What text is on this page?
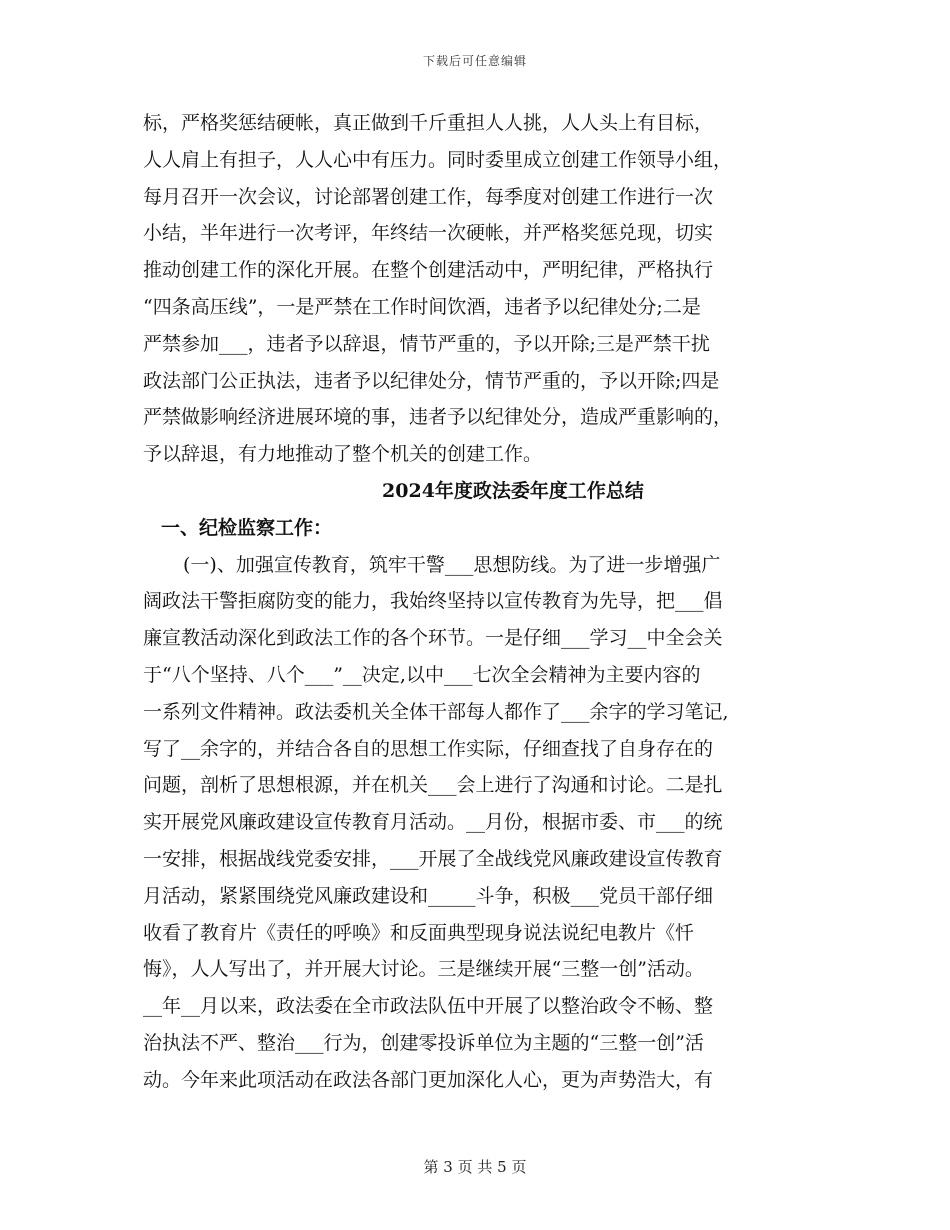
下载后可任意编辑
标，严格奖惩结硬帐，真正做到千斤重担人人挑，人人头上有目标，
人人肩上有担子，人人心中有压力。同时委里成立创建工作领导小组，
每月召开一次会议，讨论部署创建工作，每季度对创建工作进行一次
小结，半年进行一次考评，年终结一次硬帐，并严格奖惩兑现，切实
推动创建工作的深化开展。在整个创建活动中，严明纪律，严格执行
“四条高压线”，一是严禁在工作时间饮酒，违者予以纪律处分;二是
严禁参加___，违者予以辞退，情节严重的，予以开除;三是严禁干扰
政法部门公正执法，违者予以纪律处分，情节严重的，予以开除;四是
严禁做影响经济进展环境的事，违者予以纪律处分，造成严重影响的，
予以辞退，有力地推动了整个机关的创建工作。
2024年度政法委年度工作总结
一、纪检监察工作：
(一)、加强宣传教育，筑牢干警___思想防线。为了进一步增强广
阔政法干警拒腐防变的能力，我始终坚持以宣传教育为先导，把___倡
廉宣教活动深化到政法工作的各个环节。一是仔细___学习__中全会关
于“八个坚持、八个___”__决定,以中___七次全会精神为主要内容的
一系列文件精神。政法委机关全体干部每人都作了___余字的学习笔记,
写了__余字的，并结合各自的思想工作实际，仔细查找了自身存在的
问题，剖析了思想根源，并在机关___会上进行了沟通和讨论。二是扎
实开展党风廉政建设宣传教育月活动。__月份，根据市委、市___的统
一安排，根据战线党委安排，___开展了全战线党风廉政建设宣传教育
月活动，紧紧围绕党风廉政建设和_____斗争，积极___党员干部仔细
收看了教育片《责任的呼唤》和反面典型现身说法说纪电教片《忏
悔》，人人写出了，并开展大讨论。三是继续开展“三整一创”活动。
__年__月以来，政法委在全市政法队伍中开展了以整治政令不畅、整
治执法不严、整治___行为，创建零投诉单位为主题的“三整一创”活
动。今年来此项活动在政法各部门更加深化人心，更为声势浩大，有
第 3 页 共 5 页
